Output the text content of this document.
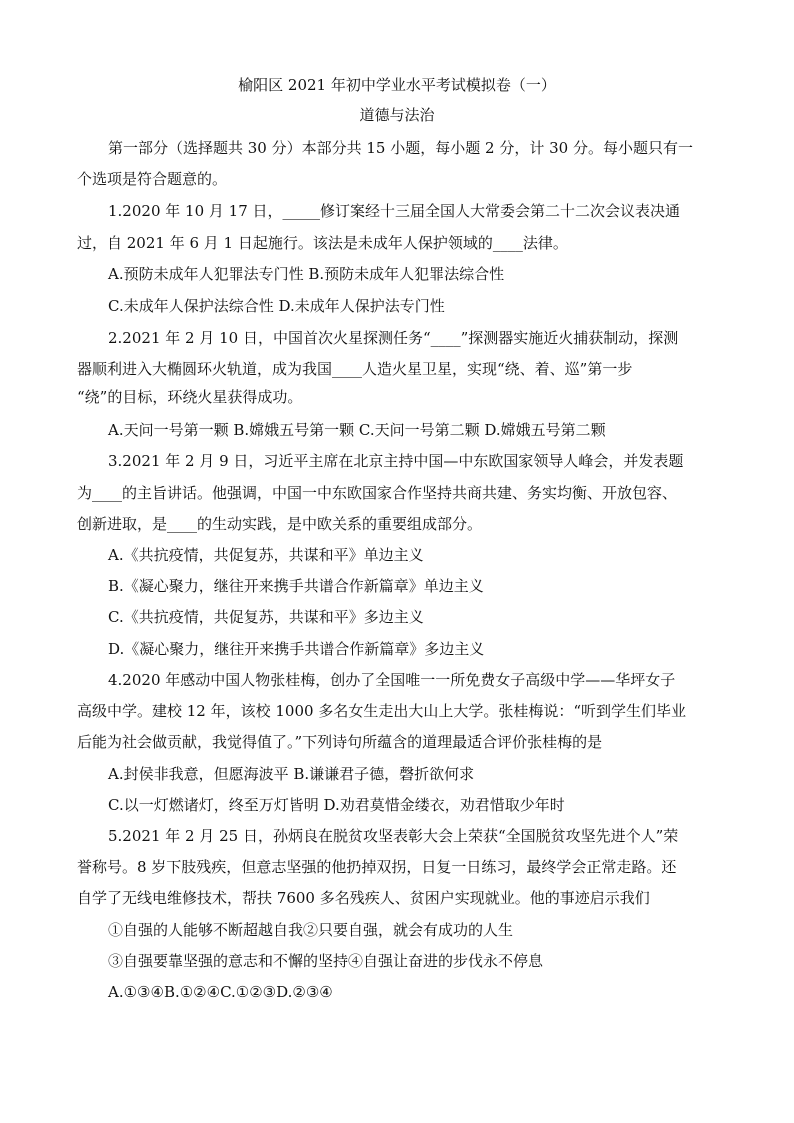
榆阳区 2021 年初中学业水平考试模拟卷（一）

道德与法治

第一部分（选择题共 30 分）本部分共 15 小题，每小题 2 分，计 30 分。每小题只有一

个选项是符合题意的。

1.2020 年 10 月 17 日，_____修订案经十三届全国人大常委会第二十二次会议表决通

过，自 2021 年 6 月 1 日起施行。该法是未成年人保护领域的____法律。

A.预防未成年人犯罪法专门性 B.预防未成年人犯罪法综合性

C.未成年人保护法综合性 D.未成年人保护法专门性

2.2021 年 2 月 10 日，中国首次火星探测任务“____”探测器实施近火捕获制动，探测

器顺利进入大椭圆环火轨道，成为我国____人造火星卫星，实现“绕、着、巡”第一步

“绕”的目标，环绕火星获得成功。

A.天问一号第一颗 B.嫦娥五号第一颗 C.天问一号第二颗 D.嫦娥五号第二颗

3.2021 年 2 月 9 日，习近平主席在北京主持中国—中东欧国家领导人峰会，并发表题

为____的主旨讲话。他强调，中国一中东欧国家合作坚持共商共建、务实均衡、开放包容、

创新进取，是____的生动实践，是中欧关系的重要组成部分。

A.《共抗疫情，共促复苏，共谋和平》单边主义

B.《凝心聚力，继往开来携手共谱合作新篇章》单边主义

C.《共抗疫情，共促复苏，共谋和平》多边主义

D.《凝心聚力，继往开来携手共谱合作新篇章》多边主义

4.2020 年感动中国人物张桂梅，创办了全国唯一一所免费女子高级中学——华坪女子

高级中学。建校 12 年，该校 1000 多名女生走出大山上大学。张桂梅说：“听到学生们毕业

后能为社会做贡献，我觉得值了。”下列诗句所蕴含的道理最适合评价张桂梅的是

A.封侯非我意，但愿海波平 B.谦谦君子德，磬折欲何求

C.以一灯燃诸灯，终至万灯皆明 D.劝君莫惜金缕衣，劝君惜取少年时

5.2021 年 2 月 25 日，孙炳良在脱贫攻坚表彰大会上荣获“全国脱贫攻坚先进个人”荣

誉称号。8 岁下肢残疾，但意志坚强的他扔掉双拐，日复一日练习，最终学会正常走路。还

自学了无线电维修技术，帮扶 7600 多名残疾人、贫困户实现就业。他的事迹启示我们

①自强的人能够不断超越自我②只要自强，就会有成功的人生

③自强要靠坚强的意志和不懈的坚持④自强让奋进的步伐永不停息

A.①③④B.①②④C.①②③D.②③④
